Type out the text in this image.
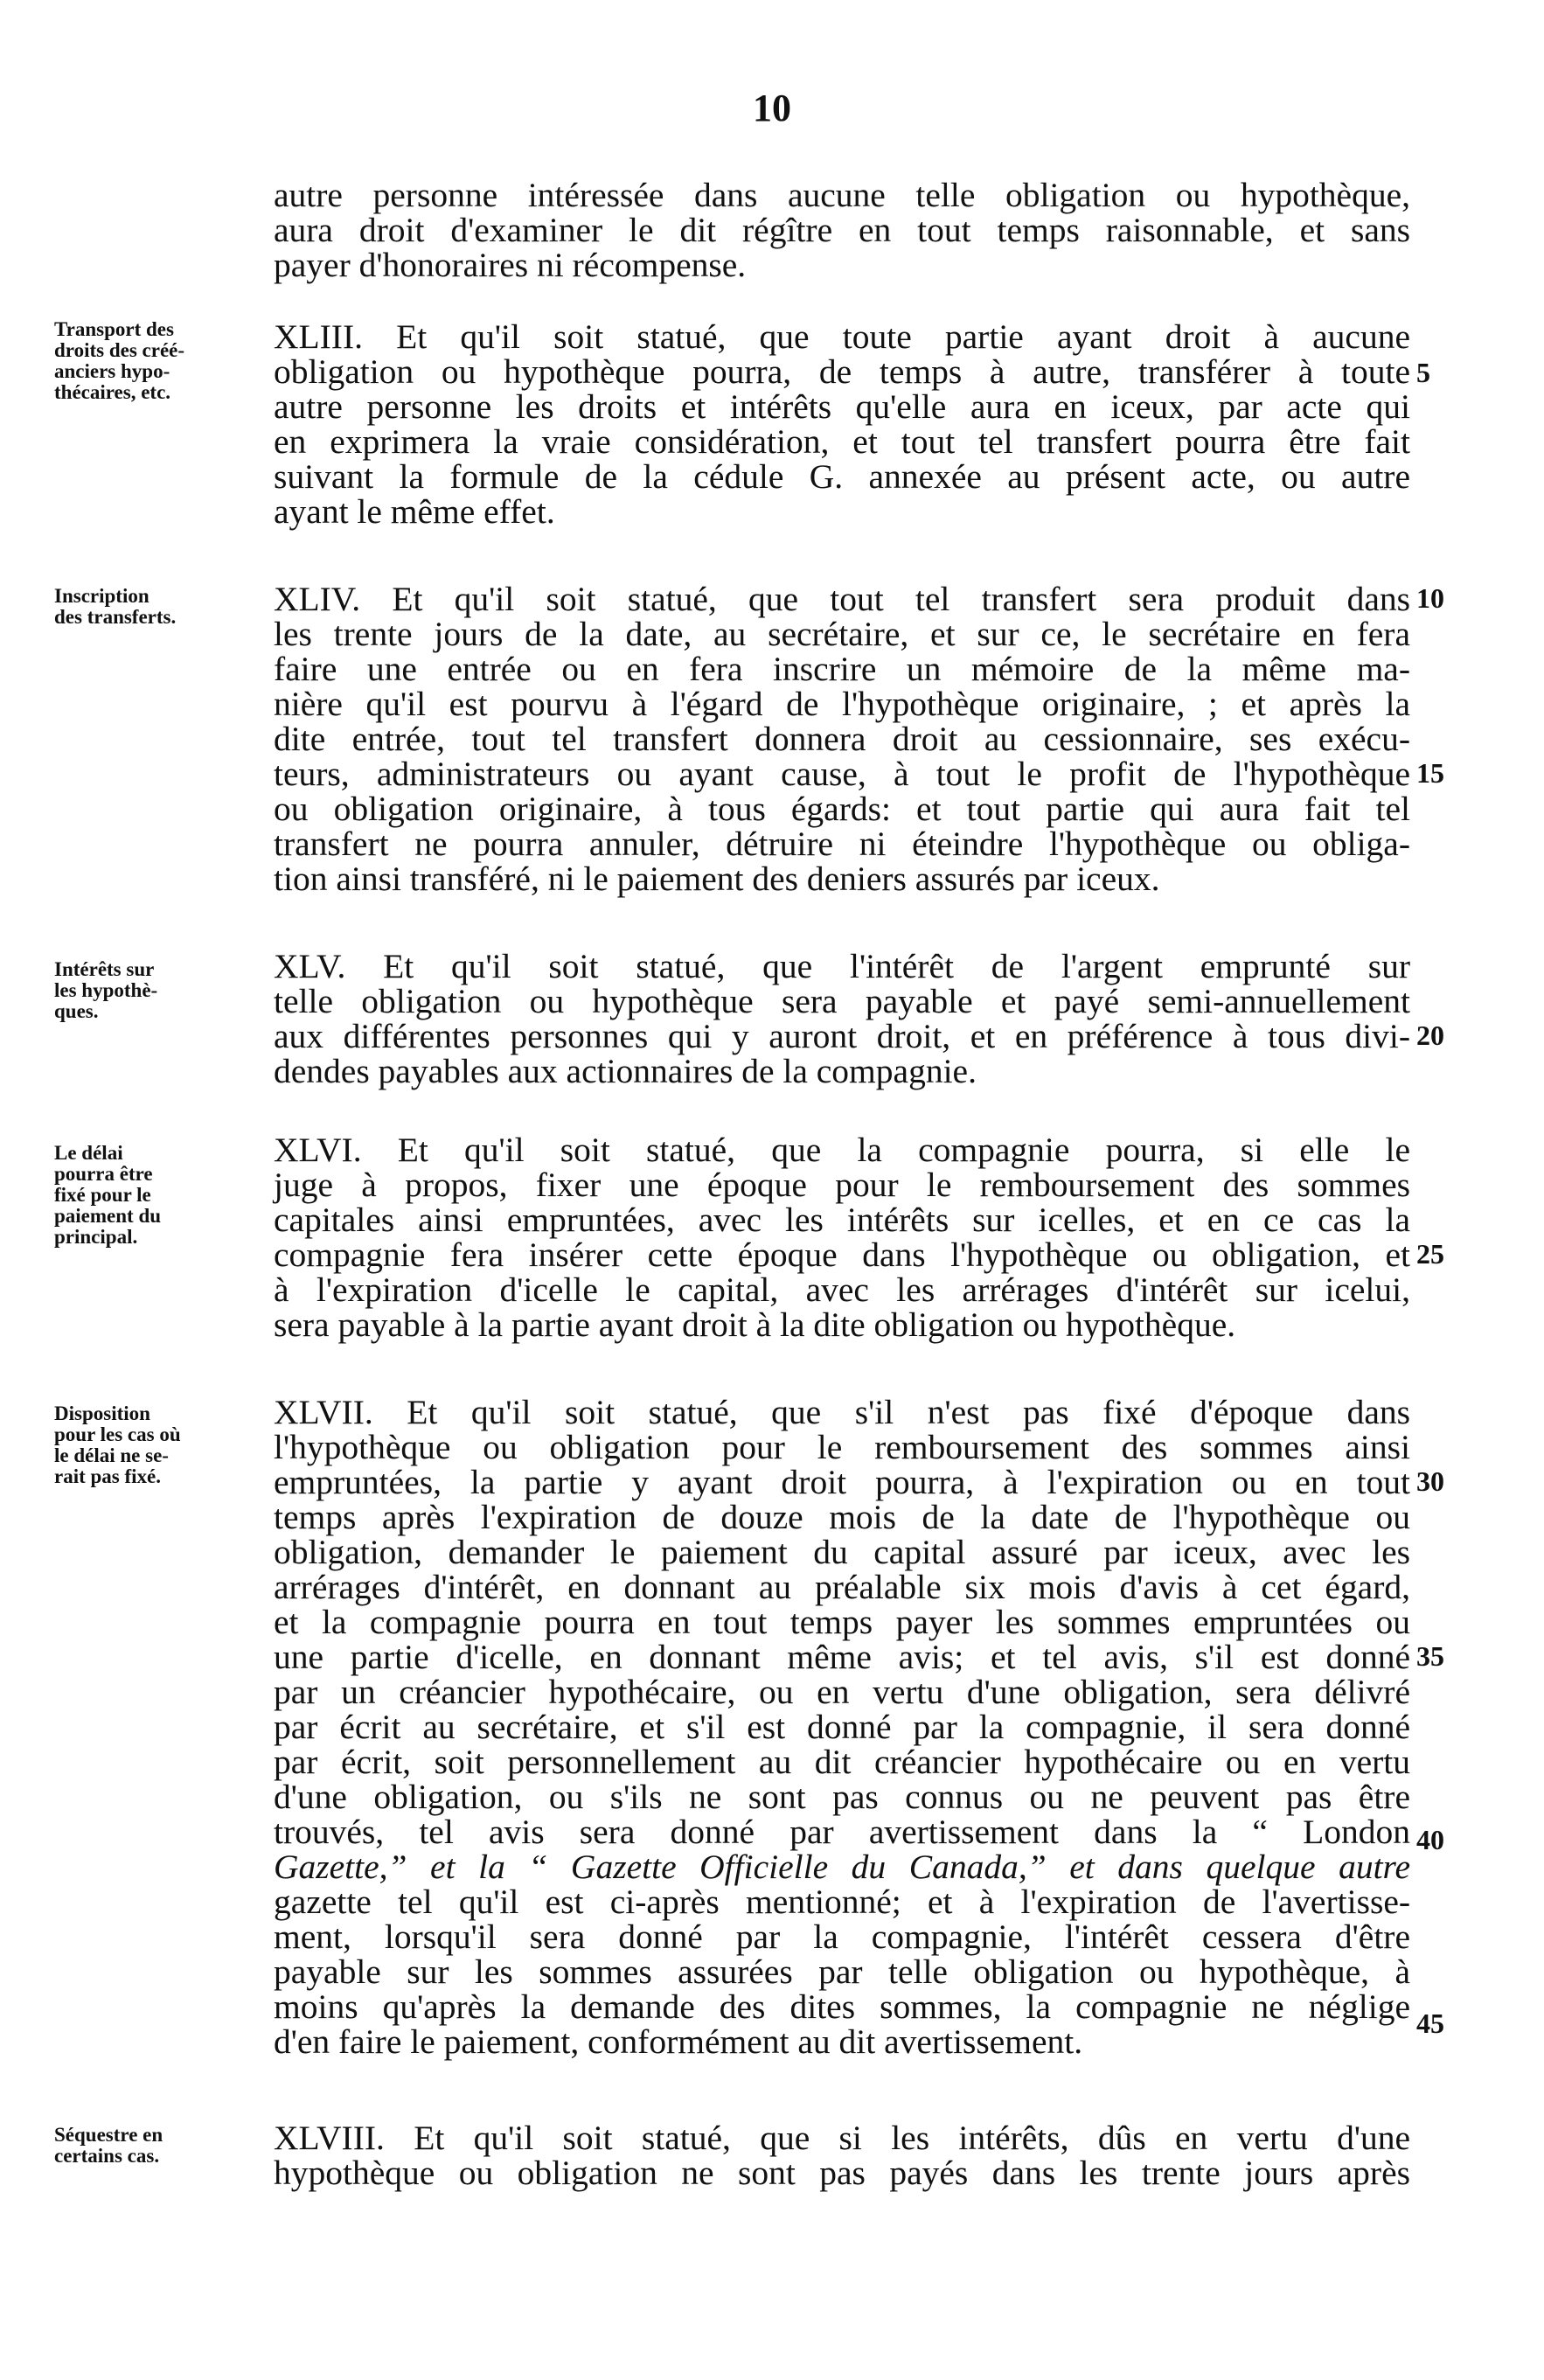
10
autre personne intéressée dans aucune telle obligation ou hypothèque,
aura droit d'examiner le dit régître en tout temps raisonnable, et sans
payer d'honoraires ni récompense.
Transport des
droits des créé-
anciers hypo-
thécaires, etc.
XLIII. Et qu'il soit statué, que toute partie ayant droit à aucune
obligation ou hypothèque pourra, de temps à autre, transférer à toute
autre personne les droits et intérêts qu'elle aura en iceux, par acte qui
en exprimera la vraie considération, et tout tel transfert pourra être fait
suivant la formule de la cédule G. annexée au présent acte, ou autre
ayant le même effet.
Inscription
des transferts.	XLIV. Et qu'il soit statué, que tout tel transfert sera produit dans
les trente jours de la date, au secrétaire, et sur ce, le secrétaire en fera
faire une entrée ou en fera inscrire un mémoire de la même ma-
nière qu'il est pourvu à l'égard de l'hypothèque originaire, ; et après la
dite entrée, tout tel transfert donnera droit au cessionnaire, ses exécu-
teurs, administrateurs ou ayant cause, à tout le profit de l'hypothèque
ou obligation originaire, à tous égards: et tout partie qui aura fait tel
transfert ne pourra annuler, détruire ni éteindre l'hypothèque ou obliga-
tion ainsi transféré, ni le paiement des deniers assurés par iceux.
Intérêts sur
les hypothè-
ques.
XLV. Et qu'il soit statué, que l'intérêt de l'argent emprunté sur
telle obligation ou hypothèque sera payable et payé semi-annuellement
aux différentes personnes qui y auront droit, et en préférence à tous divi-
dendes payables aux actionnaires de la compagnie.
Le délai
pourra être
fixé pour le
paiement du
principal.
XLVI. Et qu'il soit statué, que la compagnie pourra, si elle le
juge à propos, fixer une époque pour le remboursement des sommes
capitales ainsi empruntées, avec les intérêts sur icelles, et en ce cas la
compagnie fera insérer cette époque dans l'hypothèque ou obligation, et
à l'expiration d'icelle le capital, avec les arrérages d'intérêt sur icelui,
sera payable à la partie ayant droit à la dite obligation ou hypothèque.
Disposition
pour les cas où
le délai ne se-
rait pas fixé.
XLVII. Et qu'il soit statué, que s'il n'est pas fixé d'époque dans
l'hypothèque ou obligation pour le remboursement des sommes ainsi
empruntées, la partie y ayant droit pourra, à l'expiration ou en tout
temps après l'expiration de douze mois de la date de l'hypothèque ou
obligation, demander le paiement du capital assuré par iceux, avec les
arrérages d'intérêt, en donnant au préalable six mois d'avis à cet égard,
et la compagnie pourra en tout temps payer les sommes empruntées ou
une partie d'icelle, en donnant même avis; et tel avis, s'il est donné
par un créancier hypothécaire, ou en vertu d'une obligation, sera délivré
par écrit au secrétaire, et s'il est donné par la compagnie, il sera donné
par écrit, soit personnellement au dit créancier hypothécaire ou en vertu
d'une obligation, ou s'ils ne sont pas connus ou ne peuvent pas être
trouvés, tel avis sera donné par avertissement dans la “ London
Gazette,” et la “ Gazette Officielle du Canada,” et dans quelque autre
gazette tel qu'il est ci-après mentionné; et à l'expiration de l'avertisse-
ment, lorsqu'il sera donné par la compagnie, l'intérêt cessera d'être
payable sur les sommes assurées par telle obligation ou hypothèque, à
moins qu'après la demande des dites sommes, la compagnie ne néglige
d'en faire le paiement, conformément au dit avertissement.
Séquestre en
certains cas.	XLVIII. Et qu'il soit statué, que si les intérêts, dûs en vertu d'une
hypothèque ou obligation ne sont pas payés dans les trente jours après
5
10
15
20
25
30
35
40
45
